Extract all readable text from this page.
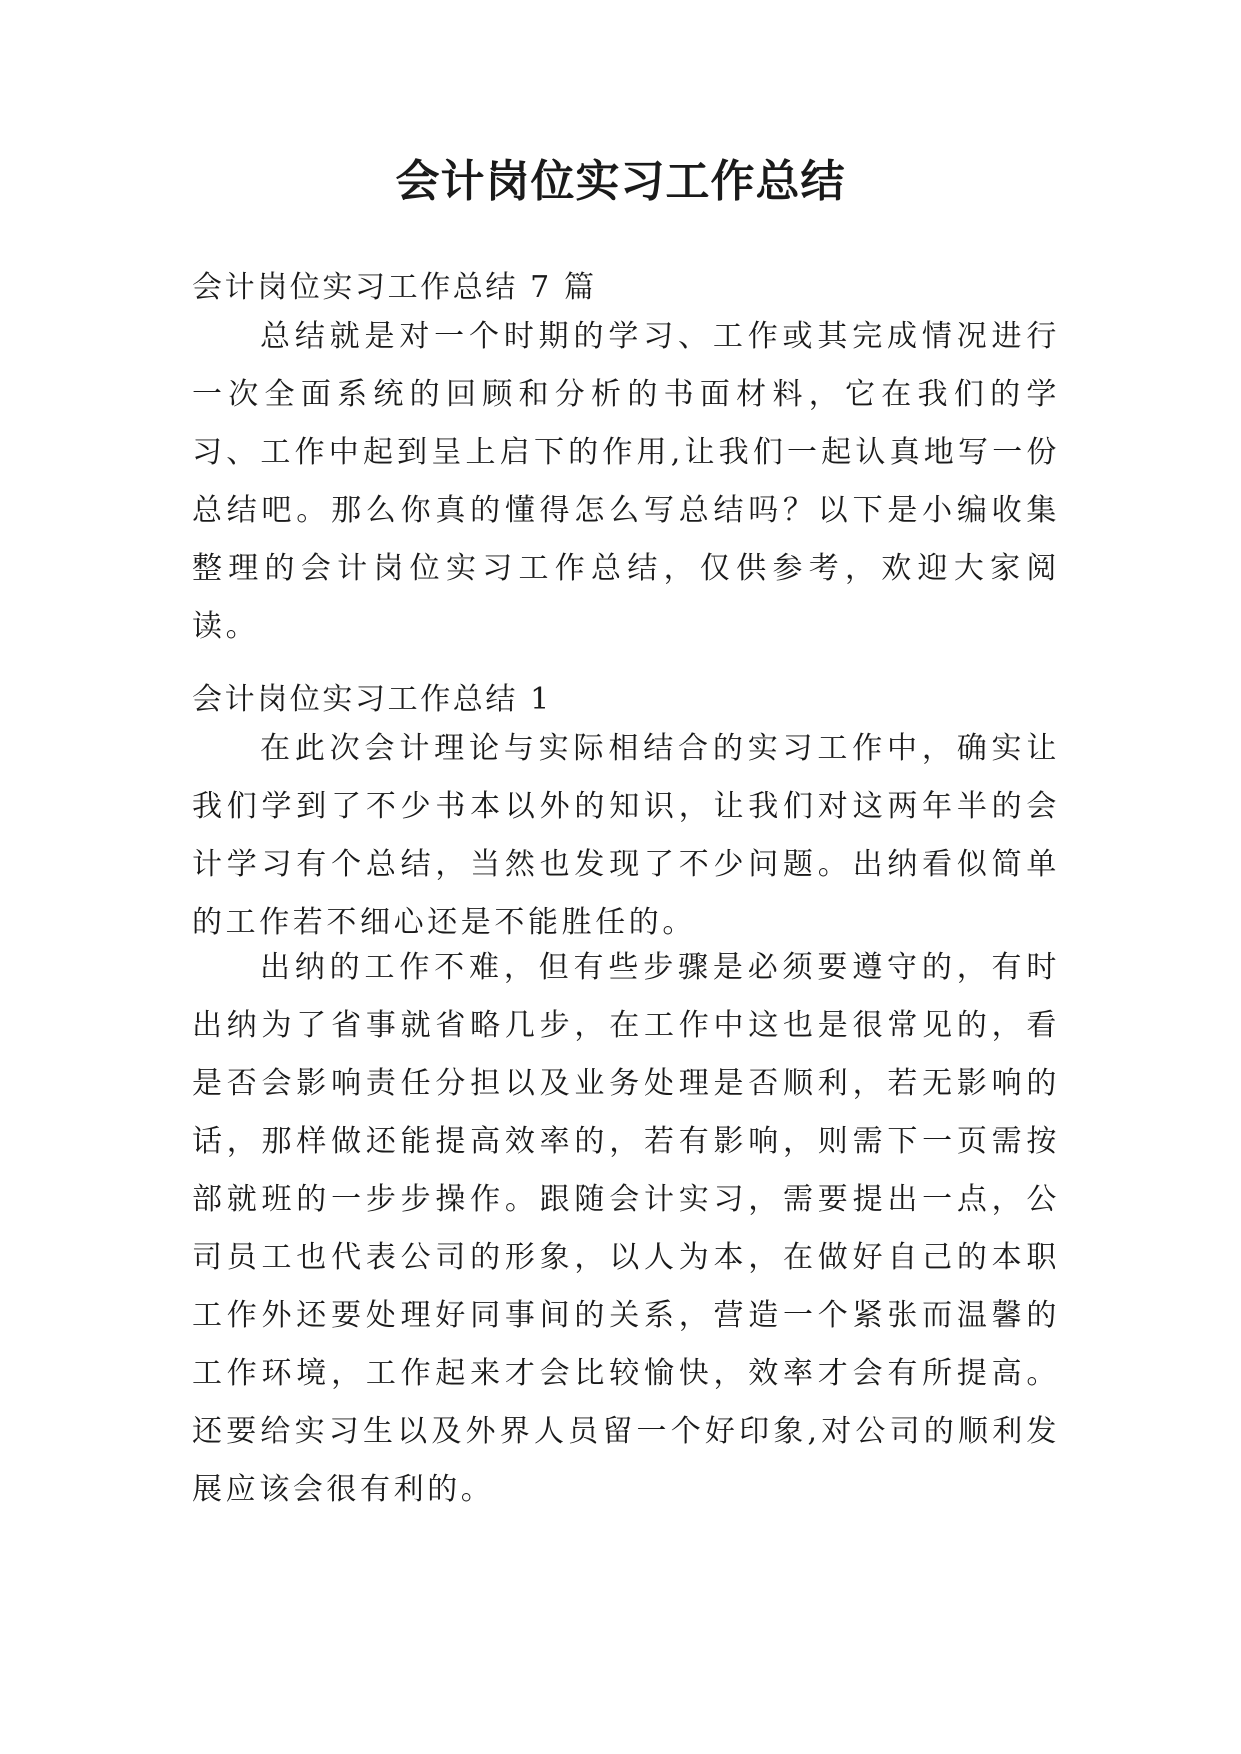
会计岗位实习工作总结

会计岗位实习工作总结 7 篇

总结就是对一个时期的学习、工作或其完成情况进行一次全面系统的回顾和分析的书面材料，它在我们的学习、工作中起到呈上启下的作用,让我们一起认真地写一份总结吧。那么你真的懂得怎么写总结吗？以下是小编收集整理的会计岗位实习工作总结，仅供参考，欢迎大家阅读。

会计岗位实习工作总结 1

在此次会计理论与实际相结合的实习工作中，确实让我们学到了不少书本以外的知识，让我们对这两年半的会计学习有个总结，当然也发现了不少问题。出纳看似简单的工作若不细心还是不能胜任的。

出纳的工作不难，但有些步骤是必须要遵守的，有时出纳为了省事就省略几步，在工作中这也是很常见的，看是否会影响责任分担以及业务处理是否顺利，若无影响的话，那样做还能提高效率的，若有影响，则需下一页需按部就班的一步步操作。跟随会计实习，需要提出一点，公司员工也代表公司的形象，以人为本，在做好自己的本职工作外还要处理好同事间的关系，营造一个紧张而温馨的工作环境，工作起来才会比较愉快，效率才会有所提高。还要给实习生以及外界人员留一个好印象,对公司的顺利发展应该会很有利的。
